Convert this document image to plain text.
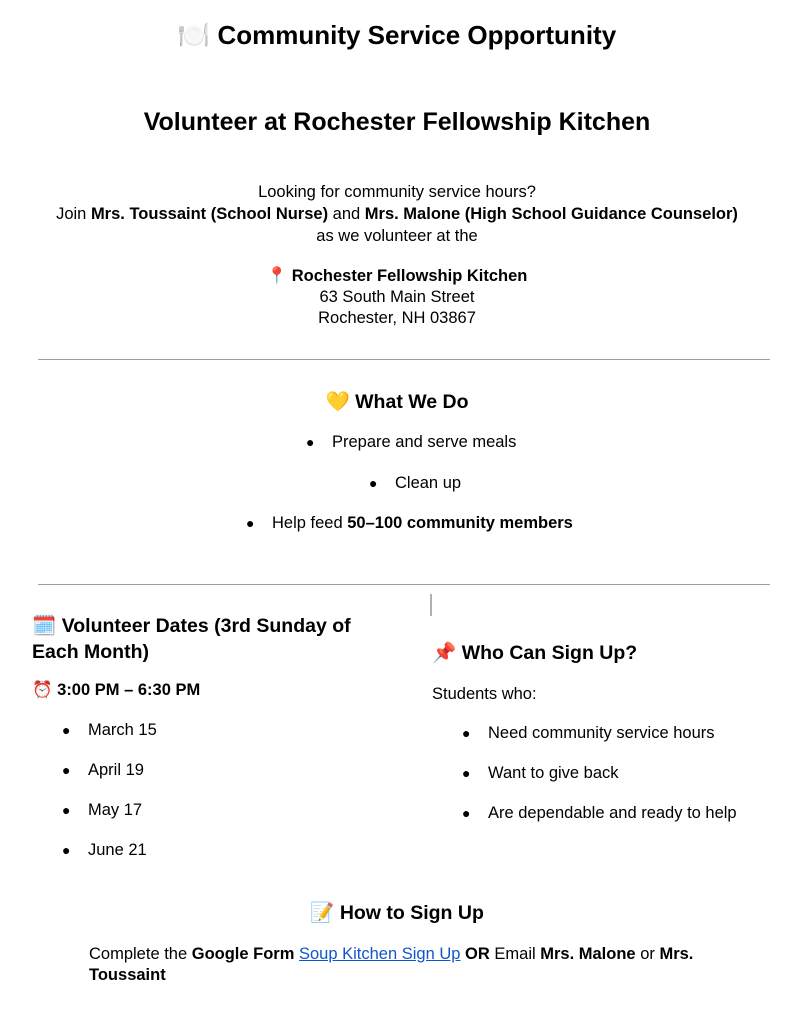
🍽️ Community Service Opportunity
Volunteer at Rochester Fellowship Kitchen

Looking for community service hours?

Join Mrs. Toussaint (School Nurse) and Mrs. Malone (High School Guidance Counselor) as we volunteer at the

📍 Rochester Fellowship Kitchen

63 South Main Street

Rochester, NH 03867

💛 What We Do
● Prepare and serve meals
● Clean up
● Help feed 50–100 community members
🗓️ Volunteer Dates (3rd Sunday of Each Month)
⏰ 3:00 PM – 6:30 PM
● March 15
● April 19
● May 17
● June 21
📌 Who Can Sign Up?

Students who:

● Need community service hours
● Want to give back
● Are dependable and ready to help
📝 How to Sign Up

Complete the Google Form Soup Kitchen Sign Up OR Email Mrs. Malone or Mrs. Toussaint
